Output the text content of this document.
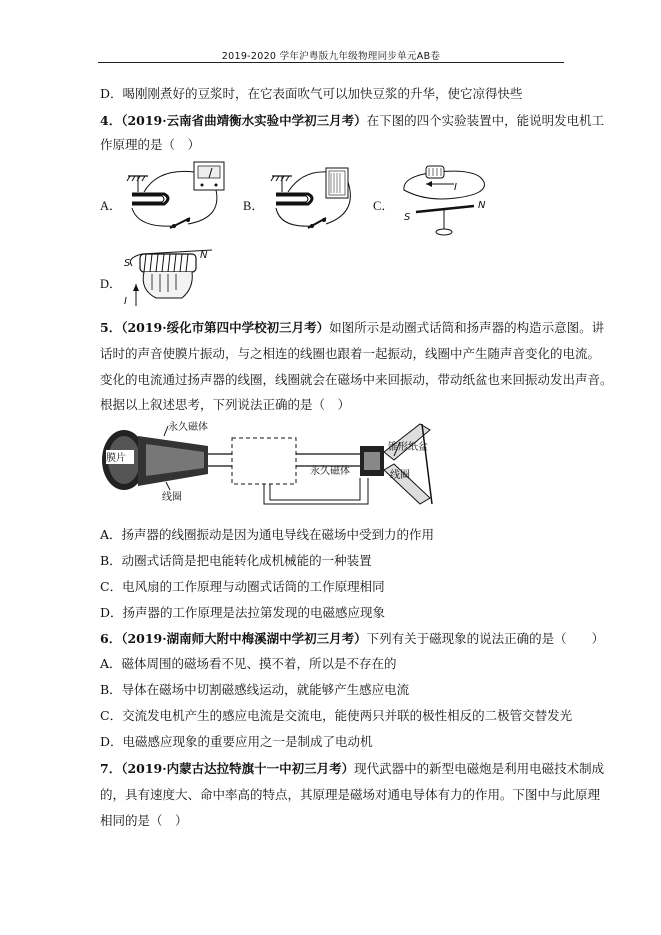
2019-2020 学年沪粤版九年级物理同步单元AB卷
D．喝刚刚煮好的豆浆时，在它表面吹气可以加快豆浆的升华，使它凉得快些
4．（2019·云南省曲靖衡水实验中学初三月考）在下图的四个实验装置中，能说明发电机工
作原理的是（　）
A．	B．	C．
I
S
N
D．
S
N
I
5．（2019·绥化市第四中学校初三月考）如图所示是动圈式话筒和扬声器的构造示意图。讲
话时的声音使膜片振动，与之相连的线圈也跟着一起振动，线圈中产生随声音变化的电流。
变化的电流通过扬声器的线圈，线圈就会在磁场中来回振动，带动纸盆也来回振动发出声音。
根据以上叙述思考，下列说法正确的是（　）
膜片
永久磁体
线圈
永久磁体
锥形纸盆
线圈
A．扬声器的线圈振动是因为通电导线在磁场中受到力的作用
B．动圈式话筒是把电能转化成机械能的一种装置
C．电风扇的工作原理与动圈式话筒的工作原理相同
D．扬声器的工作原理是法拉第发现的电磁感应现象
6．（2019·湖南师大附中梅溪湖中学初三月考）下列有关于磁现象的说法正确的是（　　）
A．磁体周围的磁场看不见、摸不着，所以是不存在的
B．导体在磁场中切割磁感线运动，就能够产生感应电流
C．交流发电机产生的感应电流是交流电，能使两只并联的极性相反的二极管交替发光
D．电磁感应现象的重要应用之一是制成了电动机
7．（2019·内蒙古达拉特旗十一中初三月考）现代武器中的新型电磁炮是利用电磁技术制成
的，具有速度大、命中率高的特点，其原理是磁场对通电导体有力的作用。下图中与此原理
相同的是（　）
